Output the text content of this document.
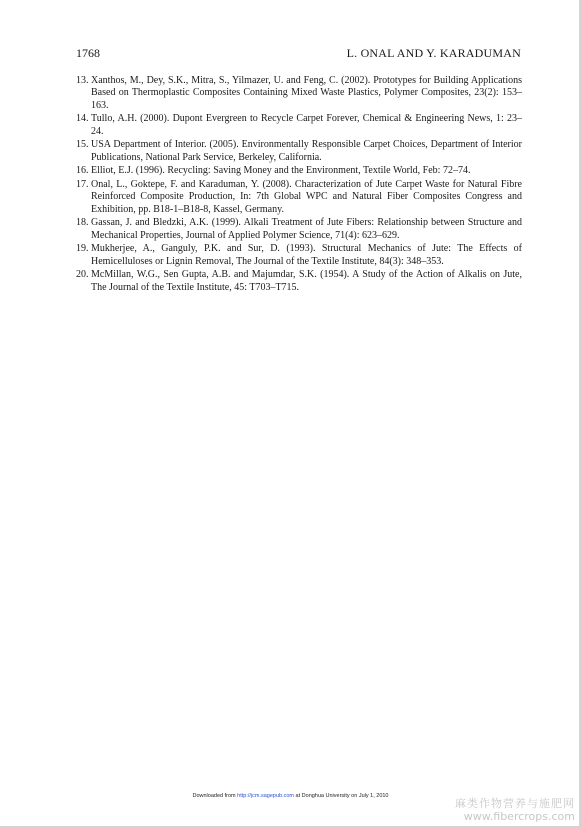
1768	L. ONAL AND Y. KARADUMAN
13. Xanthos, M., Dey, S.K., Mitra, S., Yilmazer, U. and Feng, C. (2002). Prototypes for Building Applications Based on Thermoplastic Composites Containing Mixed Waste Plastics, Polymer Composites, 23(2): 153–163.
14. Tullo, A.H. (2000). Dupont Evergreen to Recycle Carpet Forever, Chemical & Engineering News, 1: 23–24.
15. USA Department of Interior. (2005). Environmentally Responsible Carpet Choices, Department of Interior Publications, National Park Service, Berkeley, California.
16. Elliot, E.J. (1996). Recycling: Saving Money and the Environment, Textile World, Feb: 72–74.
17. Onal, L., Goktepe, F. and Karaduman, Y. (2008). Characterization of Jute Carpet Waste for Natural Fibre Reinforced Composite Production, In: 7th Global WPC and Natural Fiber Composites Congress and Exhibition, pp. B18-1–B18-8, Kassel, Germany.
18. Gassan, J. and Bledzki, A.K. (1999). Alkali Treatment of Jute Fibers: Relationship between Structure and Mechanical Properties, Journal of Applied Polymer Science, 71(4): 623–629.
19. Mukherjee, A., Ganguly, P.K. and Sur, D. (1993). Structural Mechanics of Jute: The Effects of Hemicelluloses or Lignin Removal, The Journal of the Textile Institute, 84(3): 348–353.
20. McMillan, W.G., Sen Gupta, A.B. and Majumdar, S.K. (1954). A Study of the Action of Alkalis on Jute, The Journal of the Textile Institute, 45: T703–T715.
Downloaded from http://jcm.sagepub.com at Donghua University on July 1, 2010
麻类作物营养与施肥网
www.fibercrops.com
